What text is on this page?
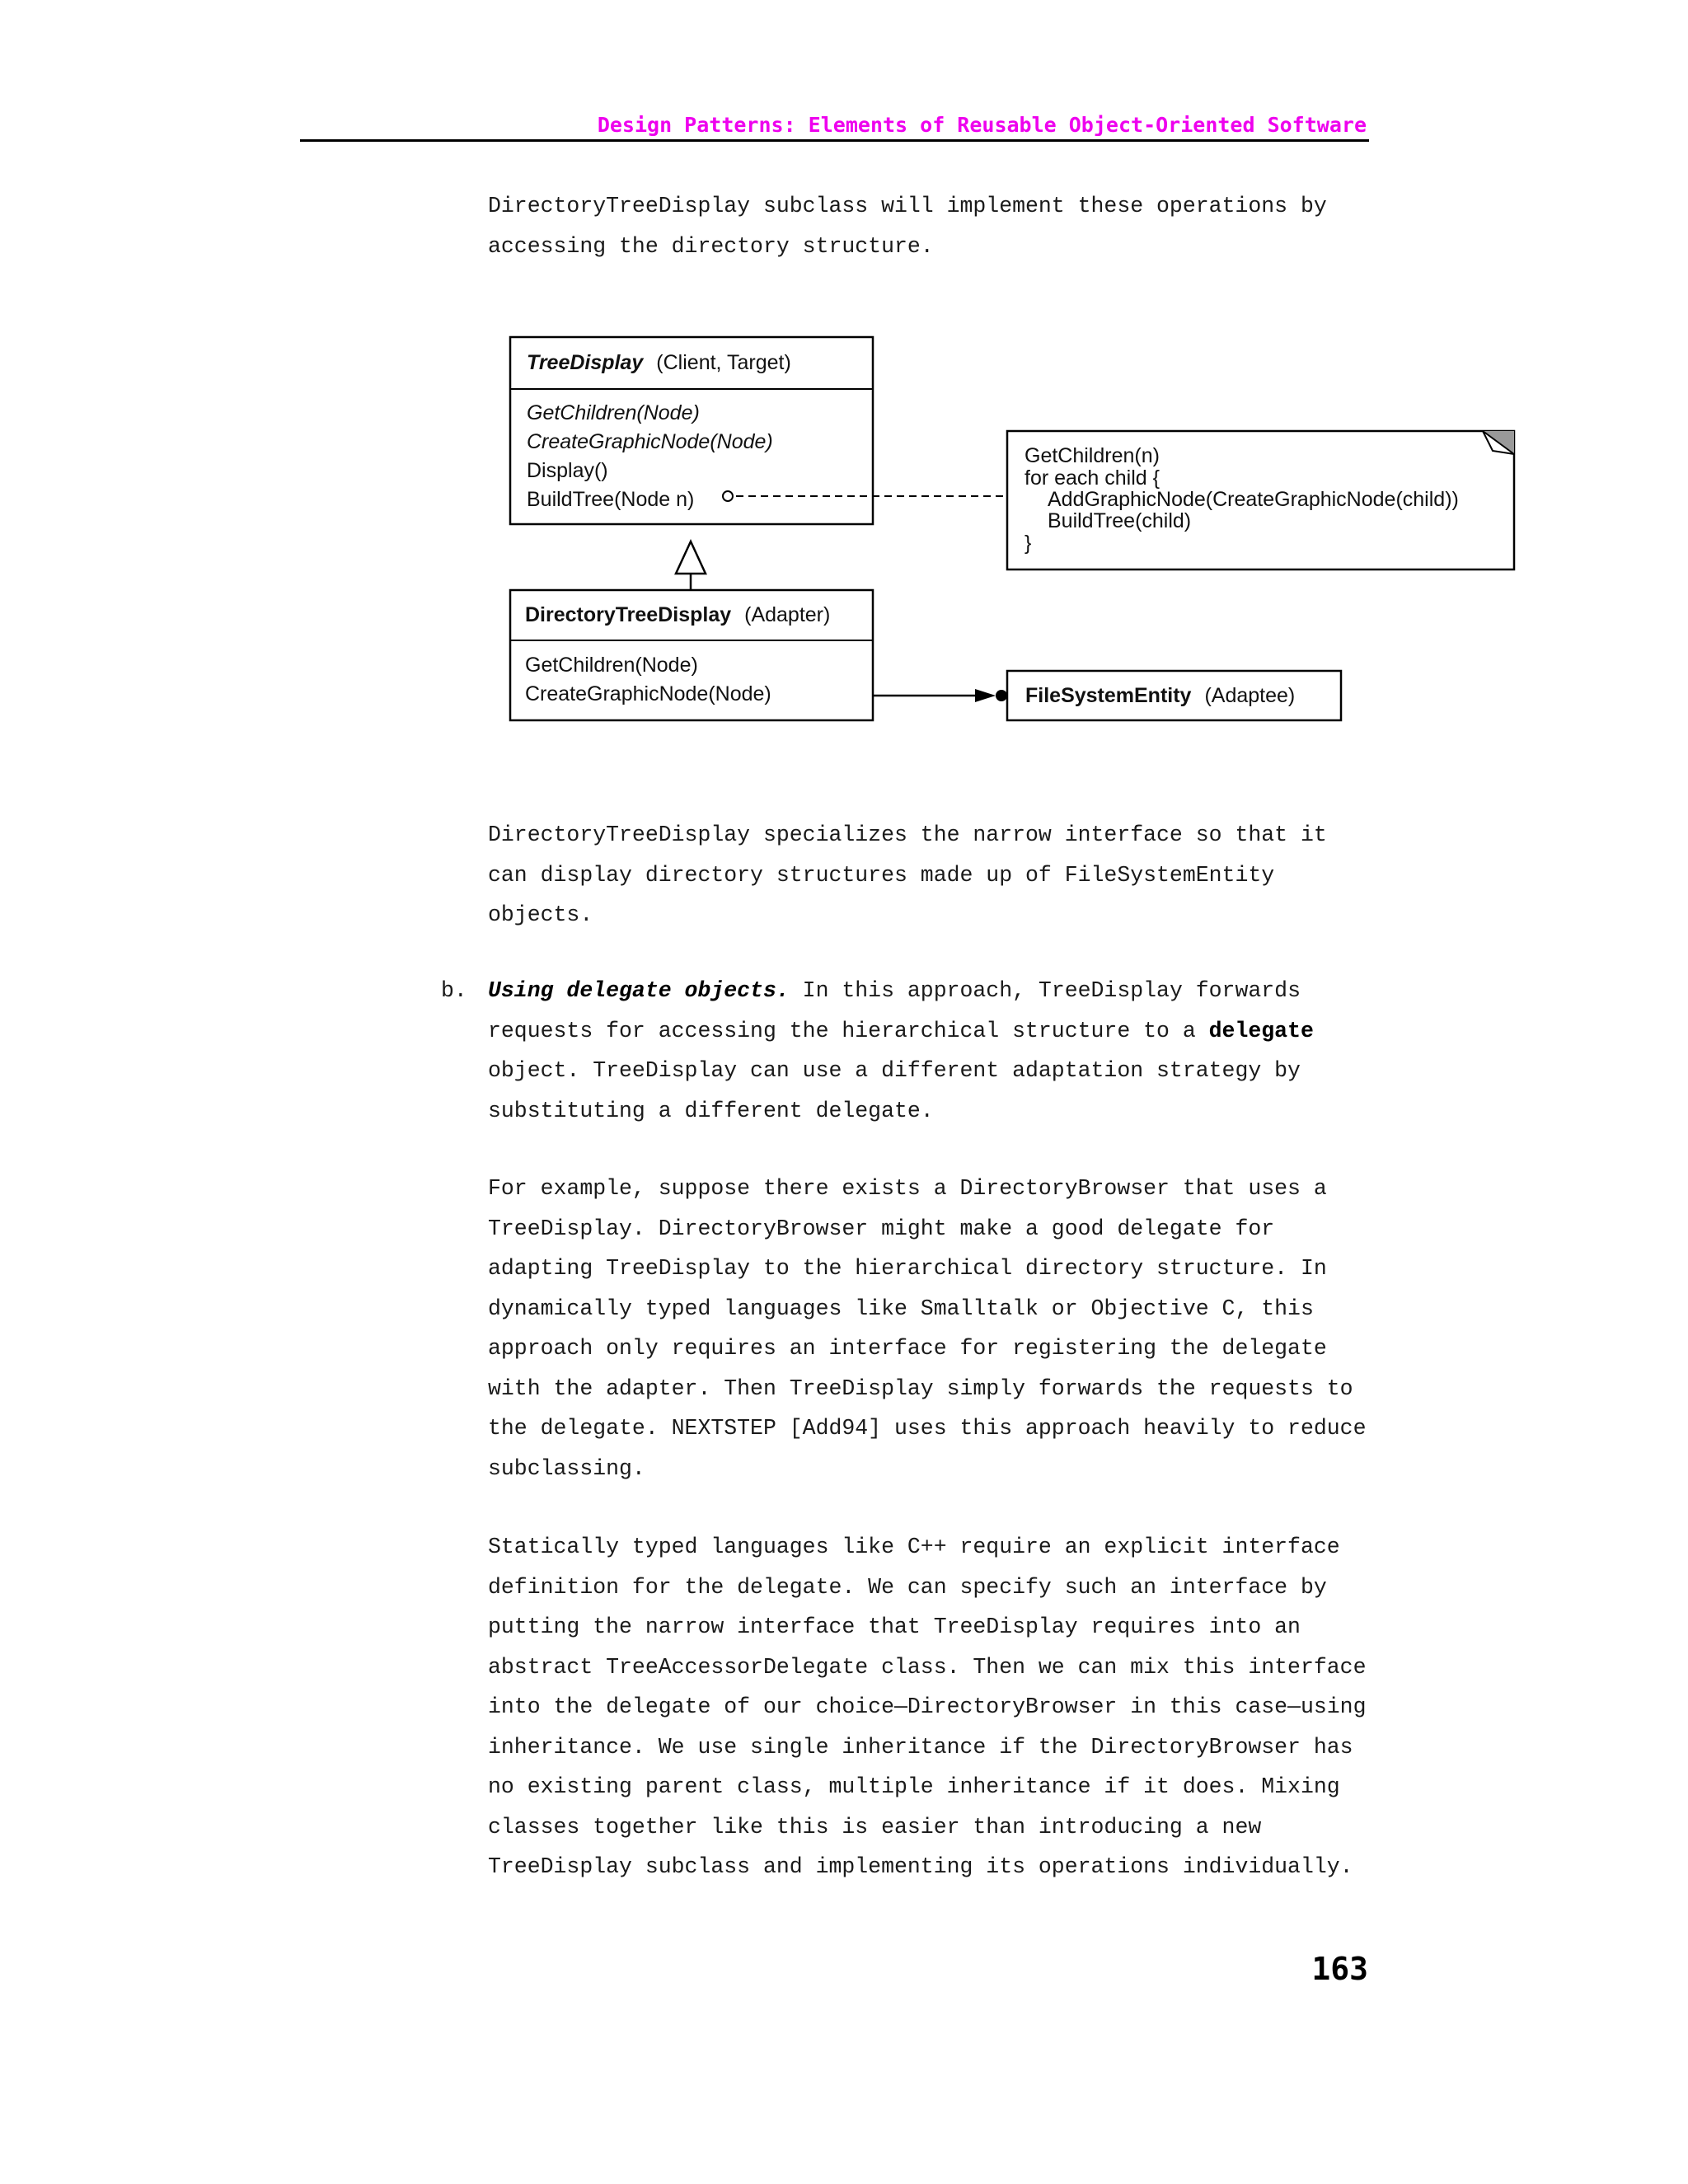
Design Patterns: Elements of Reusable Object-Oriented Software
DirectoryTreeDisplay subclass will implement these operations by
accessing the directory structure.
TreeDisplay (Client, Target)
GetChildren(Node)
CreateGraphicNode(Node)
Display()
BuildTree(Node n)
GetChildren(n)
for each child {
AddGraphicNode(CreateGraphicNode(child))
BuildTree(child)
}
DirectoryTreeDisplay (Adapter)
GetChildren(Node)
CreateGraphicNode(Node)	FileSystemEntity (Adaptee)
DirectoryTreeDisplay specializes the narrow interface so that it
can display directory structures made up of FileSystemEntity
objects.
b. Using delegate objects. In this approach, TreeDisplay forwards
requests for accessing the hierarchical structure to a delegate
object. TreeDisplay can use a different adaptation strategy by
substituting a different delegate.
For example, suppose there exists a DirectoryBrowser that uses a
TreeDisplay. DirectoryBrowser might make a good delegate for
adapting TreeDisplay to the hierarchical directory structure. In
dynamically typed languages like Smalltalk or Objective C, this
approach only requires an interface for registering the delegate
with the adapter. Then TreeDisplay simply forwards the requests to
the delegate. NEXTSTEP [Add94] uses this approach heavily to reduce
subclassing.
Statically typed languages like C++ require an explicit interface
definition for the delegate. We can specify such an interface by
putting the narrow interface that TreeDisplay requires into an
abstract TreeAccessorDelegate class. Then we can mix this interface
into the delegate of our choice—DirectoryBrowser in this case—using
inheritance. We use single inheritance if the DirectoryBrowser has
no existing parent class, multiple inheritance if it does. Mixing
classes together like this is easier than introducing a new
TreeDisplay subclass and implementing its operations individually.
163
